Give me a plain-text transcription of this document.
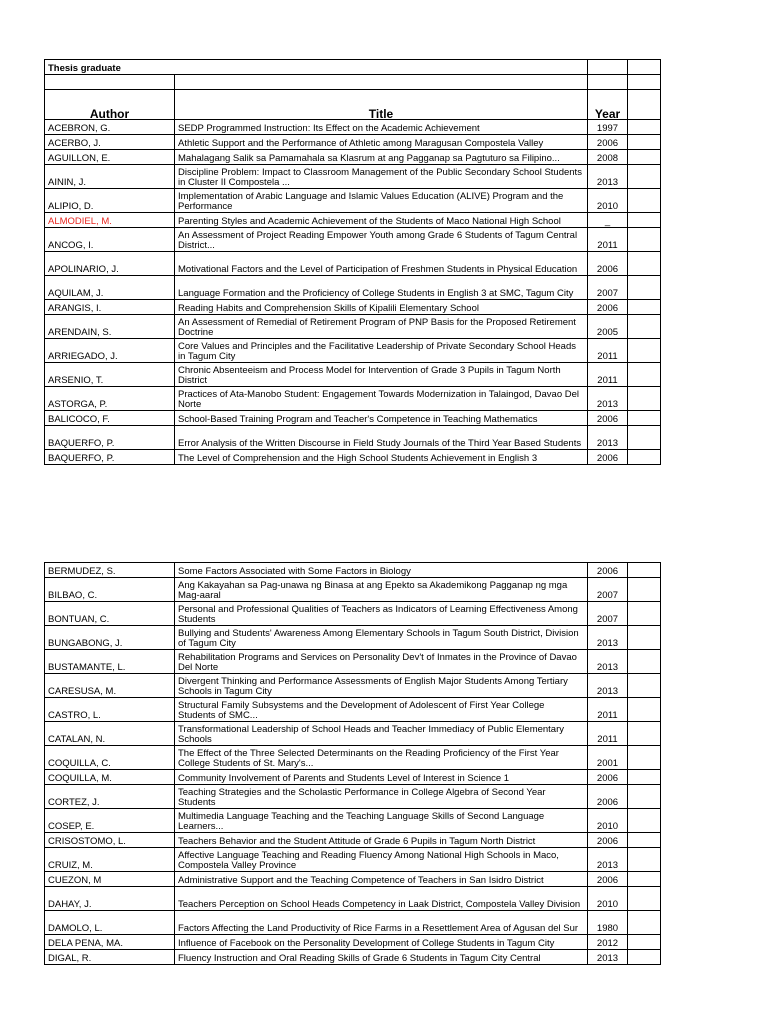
Thesis graduate			

Author	Title	Year	
ACEBRON, G.	SEDP Programmed Instruction: Its Effect on the Academic Achievement	1997	
ACERBO, J.	Athletic Support and the Performance of Athletic among Maragusan Compostela Valley	2006	
AGUILLON, E.	Mahalagang Salik sa Pamamahala sa Klasrum at ang Pagganap sa Pagtuturo sa Filipino...	2008	
AININ, J.	Discipline Problem: Impact to Classroom Management of the Public Secondary School Students in Cluster II Compostela ...	2013	
ALIPIO, D.	Implementation of Arabic Language and Islamic Values Education (ALIVE) Program and the Performance	2010	
ALMODIEL, M.	Parenting Styles and Academic Achievement of the Students of Maco National High School	_	
ANCOG, I.	An Assessment of Project Reading Empower Youth among Grade 6 Students of Tagum Central District...	2011	
APOLINARIO, J.	Motivational Factors and the Level of Participation of Freshmen Students in Physical Education	2006	
AQUILAM, J.	Language Formation and the Proficiency of College Students in English 3 at SMC, Tagum City	2007	
ARANGIS, I.	Reading Habits and Comprehension Skills of Kipalili Elementary School	2006	
ARENDAIN, S.	An Assessment of Remedial of Retirement Program of PNP Basis for the Proposed Retirement Doctrine	2005	
ARRIEGADO, J.	Core Values and Principles and the Facilitative Leadership of Private Secondary School Heads in Tagum City	2011	
ARSENIO, T.	Chronic Absenteeism and Process Model for Intervention of Grade 3 Pupils in Tagum North District	2011	
ASTORGA, P.	Practices of Ata-Manobo Student: Engagement Towards Modernization in Talaingod, Davao Del Norte	2013	
BALICOCO, F.	School-Based Training Program and Teacher's Competence in Teaching Mathematics	2006	
BAQUERFO, P.	Error Analysis of the Written Discourse in Field Study Journals of the Third Year Based Students	2013	
BAQUERFO, P.	The Level of Comprehension and the High School Students Achievement in English 3	2006	
BERMUDEZ, S.	Some Factors Associated with Some Factors in Biology	2006	
BILBAO, C.	Ang Kakayahan sa Pag-unawa ng Binasa at ang Epekto sa Akademikong Pagganap ng mga Mag-aaral	2007	
BONTUAN, C.	Personal and Professional Qualities of Teachers as Indicators of Learning Effectiveness Among Students	2007	
BUNGABONG, J.	Bullying and Students' Awareness Among Elementary Schools in Tagum South District, Division of Tagum City	2013	
BUSTAMANTE, L.	Rehabilitation Programs and Services on Personality Dev't of Inmates in the Province of Davao Del Norte	2013	
CARESUSA, M.	Divergent Thinking and Performance Assessments of English Major Students Among Tertiary Schools in Tagum City	2013	
CASTRO, L.	Structural Family Subsystems and the Development of Adolescent of First Year College Students of SMC...	2011	
CATALAN, N.	Transformational Leadership of School Heads and Teacher Immediacy of Public Elementary Schools	2011	
COQUILLA, C.	The Effect of the Three Selected Determinants on the Reading Proficiency of the First Year College Students of St. Mary's...	2001	
COQUILLA, M.	Community Involvement of Parents and Students Level of Interest in Science 1	2006	
CORTEZ, J.	Teaching Strategies and the Scholastic Performance in College Algebra of Second Year Students	2006	
COSEP, E.	Multimedia Language Teaching and the Teaching Language Skills of Second Language Learners...	2010	
CRISOSTOMO, L.	Teachers Behavior and the Student Attitude of Grade 6 Pupils in Tagum North District	2006	
CRUIZ, M.	Affective Language Teaching and Reading Fluency Among National High Schools in Maco, Compostela Valley Province	2013	
CUEZON, M	Administrative Support and the Teaching Competence of Teachers in San Isidro District	2006	
DAHAY, J.	Teachers Perception on School Heads Competency in Laak District, Compostela Valley Division	2010	
DAMOLO, L.	Factors Affecting the Land Productivity of Rice Farms in a Resettlement Area of Agusan del Sur	1980	
DELA PENA, MA.	Influence of Facebook on the Personality Development of College Students in Tagum City	2012	
DIGAL, R.	Fluency Instruction and Oral Reading Skills of Grade 6 Students in Tagum City Central	2013	
